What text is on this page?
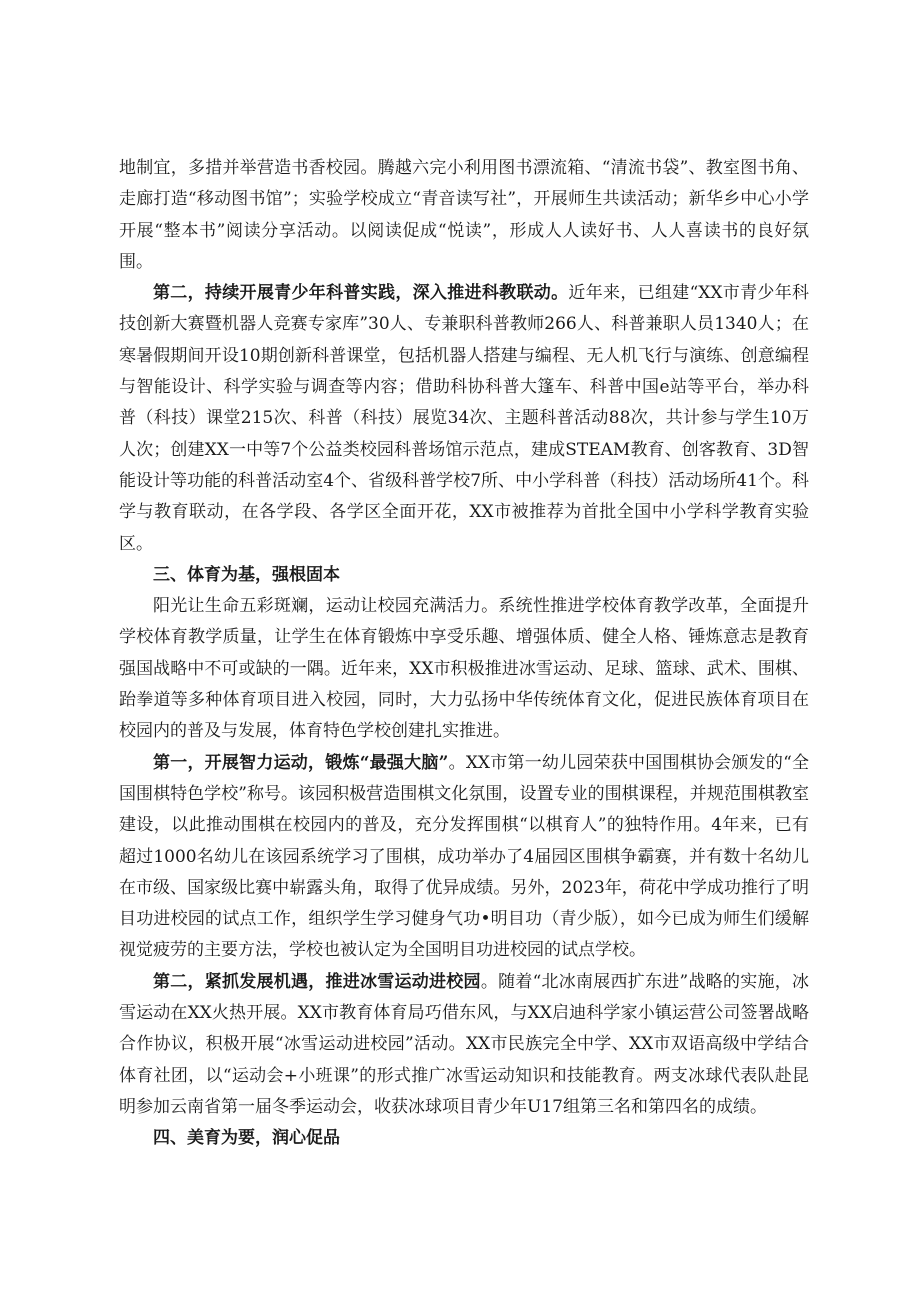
地制宜，多措并举营造书香校园。腾越六完小利用图书漂流箱、“清流书袋”、教室图书角、走廊打造“移动图书馆”；实验学校成立“青音读写社”，开展师生共读活动；新华乡中心小学开展“整本书”阅读分享活动。以阅读促成“悦读”，形成人人读好书、人人喜读书的良好氛围。

第二，持续开展青少年科普实践，深入推进科教联动。近年来，已组建“XX市青少年科技创新大赛暨机器人竞赛专家库”30人、专兼职科普教师266人、科普兼职人员1340人；在寒暑假期间开设10期创新科普课堂，包括机器人搭建与编程、无人机飞行与演练、创意编程与智能设计、科学实验与调查等内容；借助科协科普大篷车、科普中国e站等平台，举办科普（科技）课堂215次、科普（科技）展览34次、主题科普活动88次，共计参与学生10万人次；创建XX一中等7个公益类校园科普场馆示范点，建成STEAM教育、创客教育、3D智能设计等功能的科普活动室4个、省级科普学校7所、中小学科普（科技）活动场所41个。科学与教育联动，在各学段、各学区全面开花，XX市被推荐为首批全国中小学科学教育实验区。

三、体育为基，强根固本

阳光让生命五彩斑斓，运动让校园充满活力。系统性推进学校体育教学改革，全面提升学校体育教学质量，让学生在体育锻炼中享受乐趣、增强体质、健全人格、锤炼意志是教育强国战略中不可或缺的一隅。近年来，XX市积极推进冰雪运动、足球、篮球、武术、围棋、跆拳道等多种体育项目进入校园，同时，大力弘扬中华传统体育文化，促进民族体育项目在校园内的普及与发展，体育特色学校创建扎实推进。

第一，开展智力运动，锻炼“最强大脑”。XX市第一幼儿园荣获中国围棋协会颁发的“全国围棋特色学校”称号。该园积极营造围棋文化氛围，设置专业的围棋课程，并规范围棋教室建设，以此推动围棋在校园内的普及，充分发挥围棋“以棋育人”的独特作用。4年来，已有超过1000名幼儿在该园系统学习了围棋，成功举办了4届园区围棋争霸赛，并有数十名幼儿在市级、国家级比赛中崭露头角，取得了优异成绩。另外，2023年，荷花中学成功推行了明目功进校园的试点工作，组织学生学习健身气功•明目功（青少版），如今已成为师生们缓解视觉疲劳的主要方法，学校也被认定为全国明目功进校园的试点学校。

第二，紧抓发展机遇，推进冰雪运动进校园。随着“北冰南展西扩东进”战略的实施，冰雪运动在XX火热开展。XX市教育体育局巧借东风，与XX启迪科学家小镇运营公司签署战略合作协议，积极开展“冰雪运动进校园”活动。XX市民族完全中学、XX市双语高级中学结合体育社团，以“运动会+小班课”的形式推广冰雪运动知识和技能教育。两支冰球代表队赴昆明参加云南省第一届冬季运动会，收获冰球项目青少年U17组第三名和第四名的成绩。

四、美育为要，润心促品
